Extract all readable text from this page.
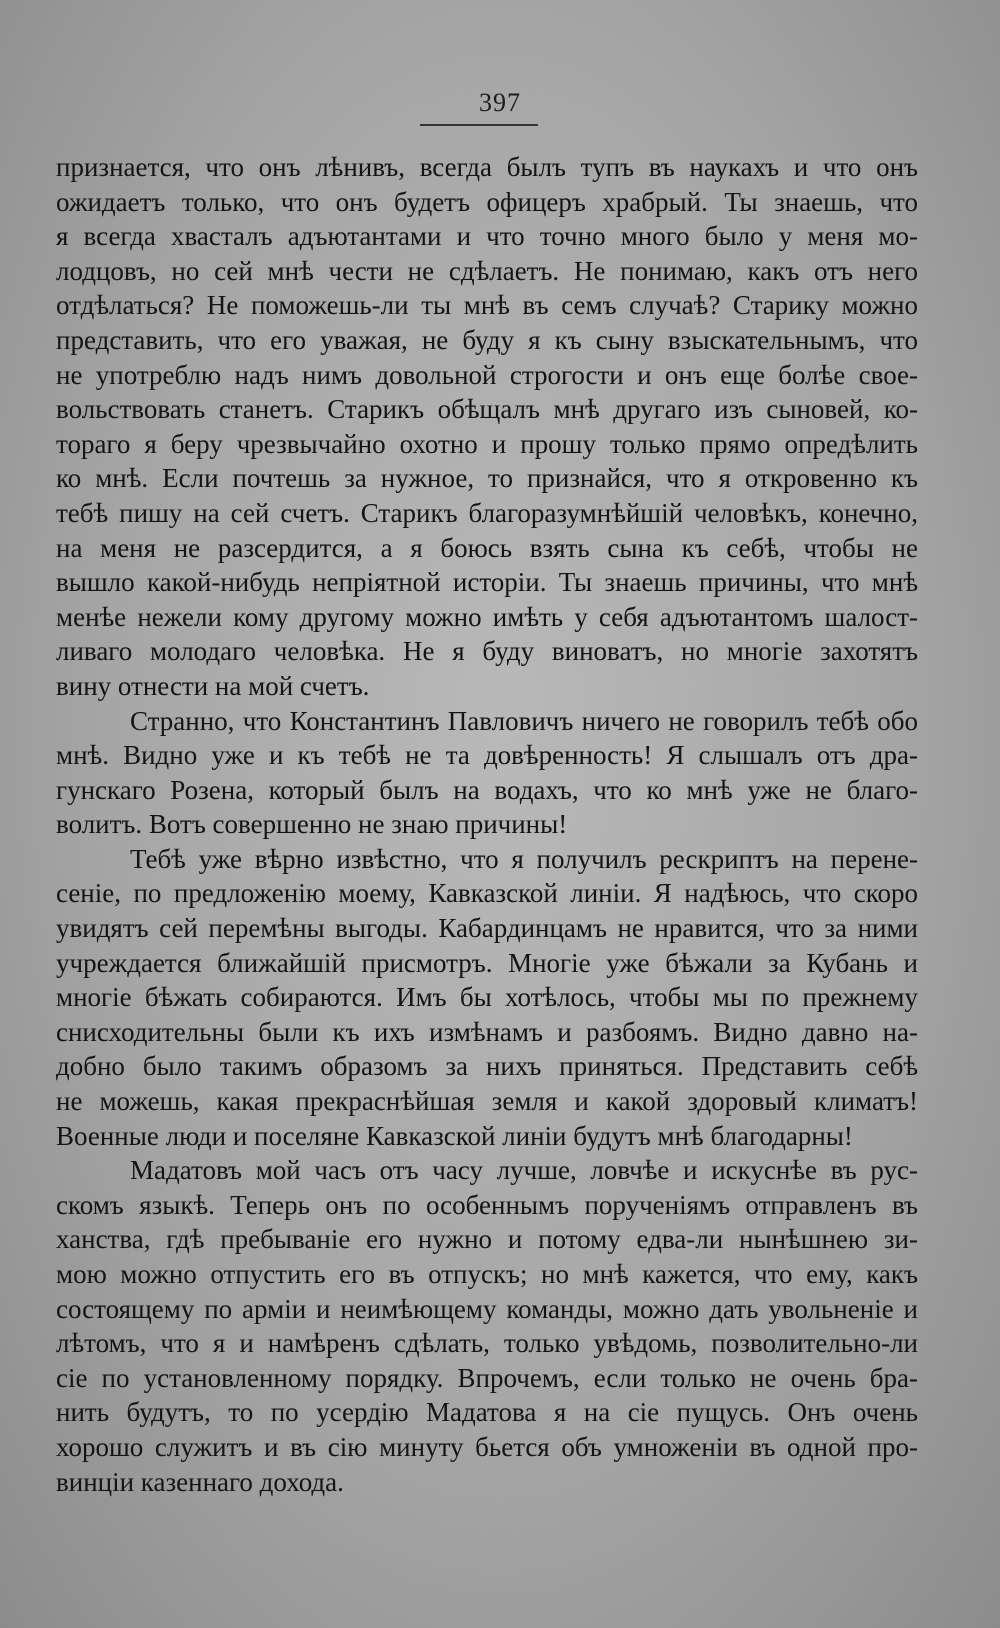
397
признается, что онъ лѣнивъ, всегда былъ тупъ въ наукахъ и что онъ
ожидаетъ только, что онъ будетъ офицеръ храбрый. Ты знаешь, что
я всегда хвасталъ адъютантами и что точно много было у меня мо-
лодцовъ, но сей мнѣ чести не сдѣлаетъ. Не понимаю, какъ отъ него
отдѣлаться? Не поможешь-ли ты мнѣ въ семъ случаѣ? Старику можно
представить, что его уважая, не буду я къ сыну взыскательнымъ, что
не употреблю надъ нимъ довольной строгости и онъ еще болѣе свое-
вольствовать станетъ. Старикъ обѣщалъ мнѣ другаго изъ сыновей, ко-
тораго я беру чрезвычайно охотно и прошу только прямо опредѣлить
ко мнѣ. Если почтешь за нужное, то признайся, что я откровенно къ
тебѣ пишу на сей счетъ. Старикъ благоразумнѣйшій человѣкъ, конечно,
на меня не разсердится, а я боюсь взять сына къ себѣ, чтобы не
вышло какой-нибудь непріятной исторіи. Ты знаешь причины, что мнѣ
менѣе нежели кому другому можно имѣть у себя адъютантомъ шалост-
ливаго молодаго человѣка. Не я буду виноватъ, но многіе захотятъ
вину отнести на мой счетъ.
Странно, что Константинъ Павловичъ ничего не говорилъ тебѣ обо
мнѣ. Видно уже и къ тебѣ не та довѣренность! Я слышалъ отъ дра-
гунскаго Розена, который былъ на водахъ, что ко мнѣ уже не благо-
волитъ. Вотъ совершенно не знаю причины!
Тебѣ уже вѣрно извѣстно, что я получилъ рескриптъ на перене-
сеніе, по предложенію моему, Кавказской линіи. Я надѣюсь, что скоро
увидятъ сей перемѣны выгоды. Кабардинцамъ не нравится, что за ними
учреждается ближайшій присмотръ. Многіе уже бѣжали за Кубань и
многіе бѣжать собираются. Имъ бы хотѣлось, чтобы мы по прежнему
снисходительны были къ ихъ измѣнамъ и разбоямъ. Видно давно на-
добно было такимъ образомъ за нихъ приняться. Представить себѣ
не можешь, какая прекраснѣйшая земля и какой здоровый климатъ!
Военные люди и поселяне Кавказской линіи будутъ мнѣ благодарны!
Мадатовъ мой часъ отъ часу лучше, ловчѣе и искуснѣе въ рус-
скомъ языкѣ. Теперь онъ по особеннымъ порученіямъ отправленъ въ
ханства, гдѣ пребываніе его нужно и потому едва-ли нынѣшнею зи-
мою можно отпустить его въ отпускъ; но мнѣ кажется, что ему, какъ
состоящему по арміи и неимѣющему команды, можно дать увольненіе и
лѣтомъ, что я и намѣренъ сдѣлать, только увѣдомь, позволительно-ли
сіе по установленному порядку. Впрочемъ, если только не очень бра-
нить будутъ, то по усердію Мадатова я на сіе пущусь. Онъ очень
хорошо служитъ и въ сію минуту бьется объ умноженіи въ одной про-
винціи казеннаго дохода.
